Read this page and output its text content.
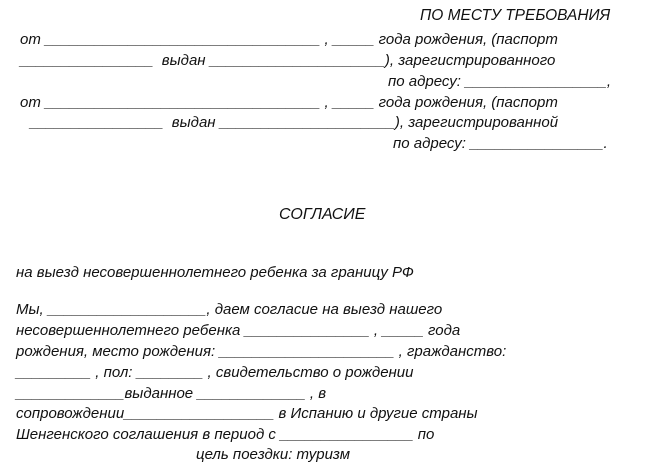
ПО МЕСТУ ТРЕБОВАНИЯ
от _________________________________ , _____ года рождения, (паспорт
________________  выдан _____________________), зарегистрированного
по адресу: _________________,
от _________________________________ , _____ года рождения, (паспорт
________________  выдан _____________________), зарегистрированной
по адресу: ________________.
СОГЛАСИЕ
на выезд несовершеннолетнего ребенка за границу РФ
Мы, ___________________, даем согласие на выезд нашего
несовершеннолетнего ребенка _______________ , _____ года
рождения, место рождения: _____________________ , гражданство:
_________ , пол: ________ , свидетельство о рождении
_____________выданное _____________ , в
сопровождении__________________ в Испанию и другие страны
Шенгенского соглашения в период с ________________ по
цель поездки: туризм
